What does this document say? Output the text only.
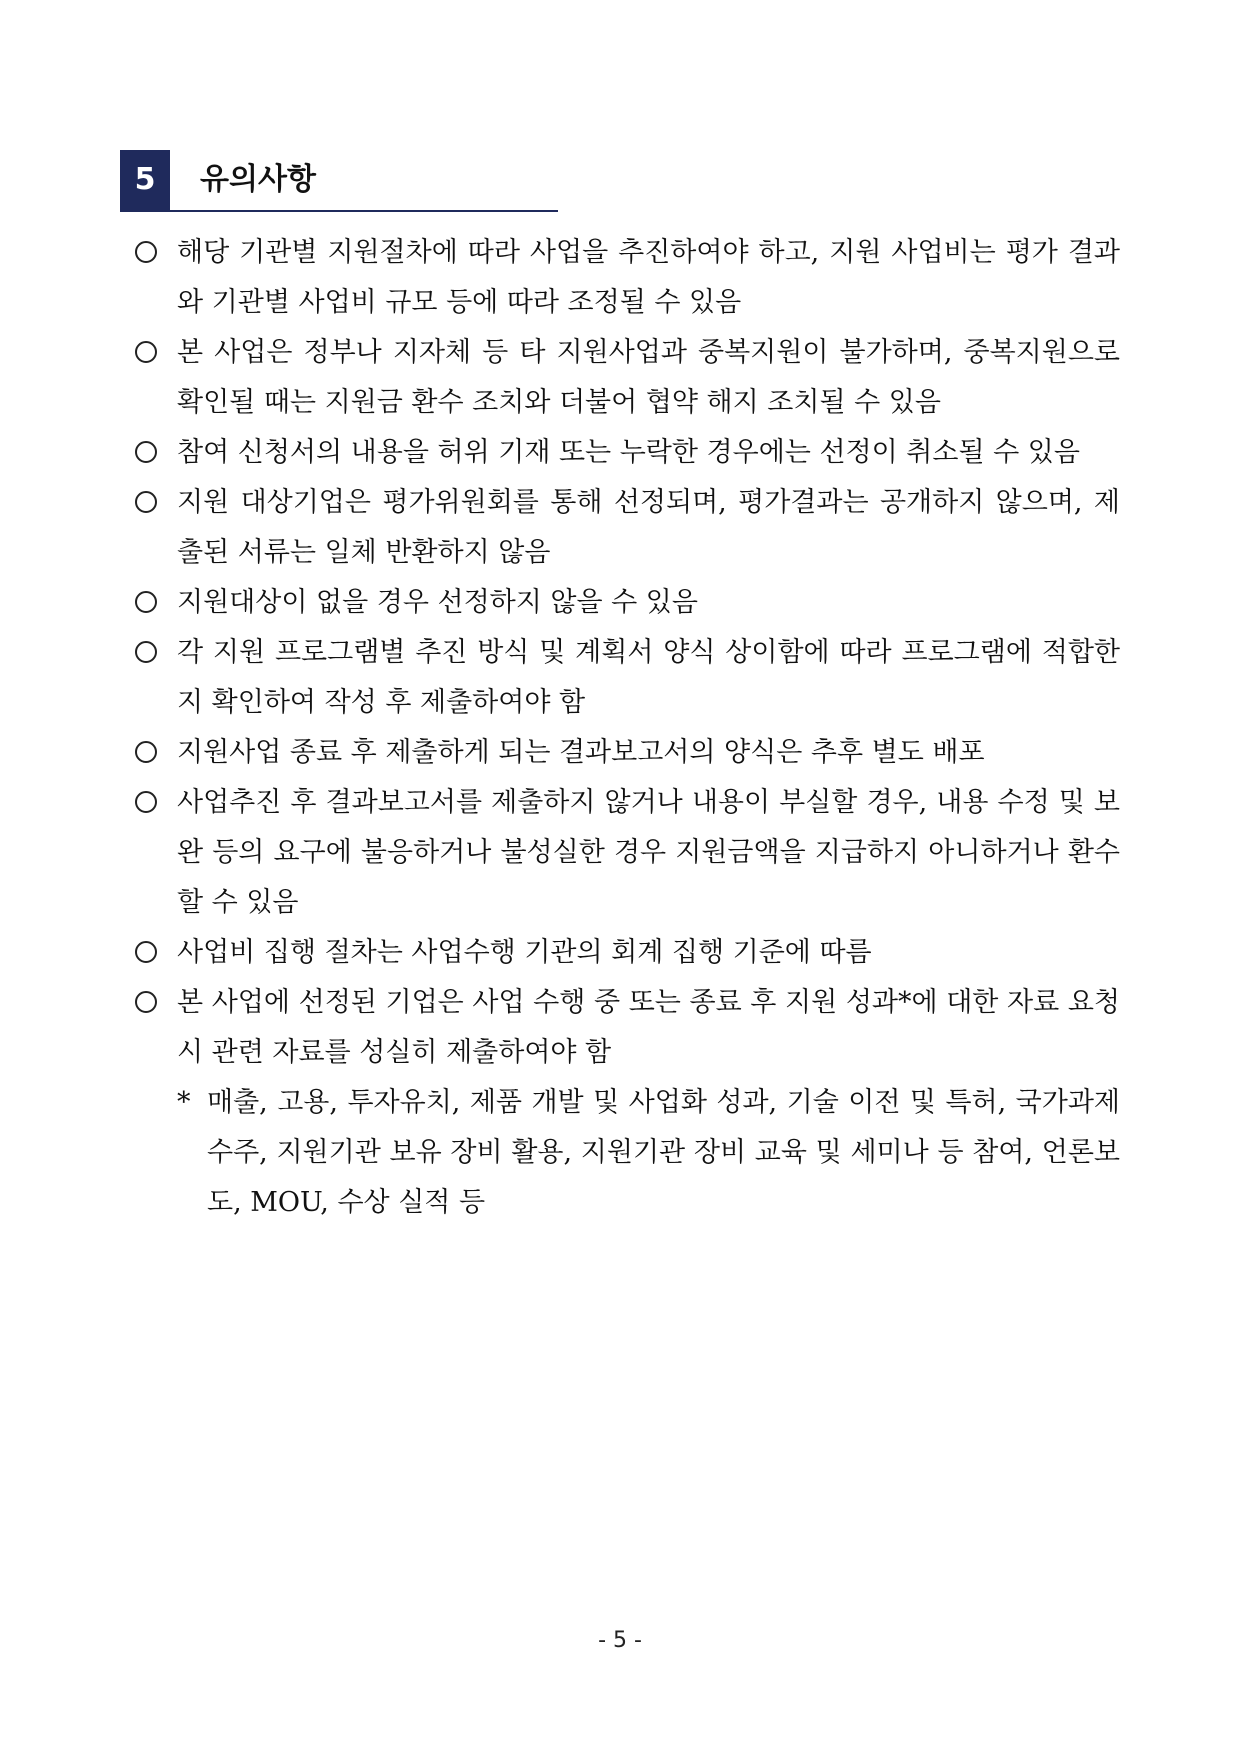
5	유의사항
해당 기관별 지원절차에 따라 사업을 추진하여야 하고, 지원 사업비는 평가 결과와 기관별 사업비 규모 등에 따라 조정될 수 있음
본 사업은 정부나 지자체 등 타 지원사업과 중복지원이 불가하며, 중복지원으로 확인될 때는 지원금 환수 조치와 더불어 협약 해지 조치될 수 있음
참여 신청서의 내용을 허위 기재 또는 누락한 경우에는 선정이 취소될 수 있음
지원 대상기업은 평가위원회를 통해 선정되며, 평가결과는 공개하지 않으며, 제출된 서류는 일체 반환하지 않음
지원대상이 없을 경우 선정하지 않을 수 있음
각 지원 프로그램별 추진 방식 및 계획서 양식 상이함에 따라 프로그램에 적합한지 확인하여 작성 후 제출하여야 함
지원사업 종료 후 제출하게 되는 결과보고서의 양식은 추후 별도 배포
사업추진 후 결과보고서를 제출하지 않거나 내용이 부실할 경우, 내용 수정 및 보완 등의 요구에 불응하거나 불성실한 경우 지원금액을 지급하지 아니하거나 환수할 수 있음
사업비 집행 절차는 사업수행 기관의 회계 집행 기준에 따름
본 사업에 선정된 기업은 사업 수행 중 또는 종료 후 지원 성과*에 대한 자료 요청시 관련 자료를 성실히 제출하여야 함
* 매출, 고용, 투자유치, 제품 개발 및 사업화 성과, 기술 이전 및 특허, 국가과제 수주, 지원기관 보유 장비 활용, 지원기관 장비 교육 및 세미나 등 참여, 언론보도, MOU, 수상 실적 등
- 5 -
